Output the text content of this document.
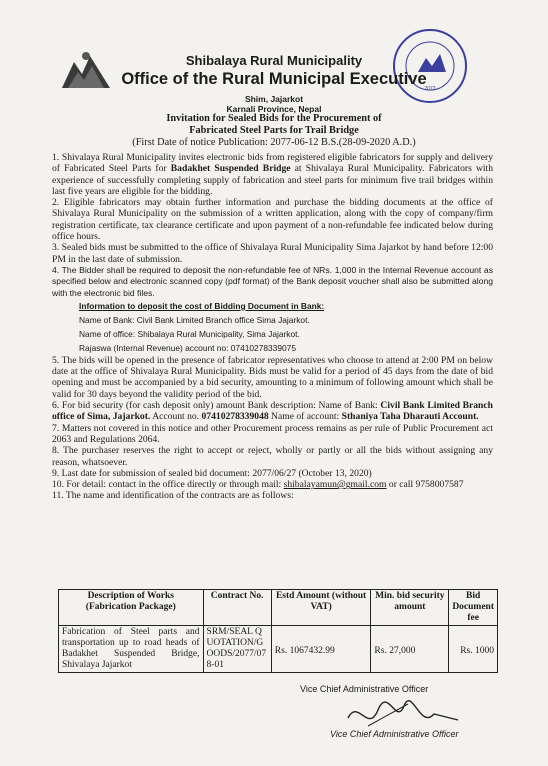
2073
Shibalaya Rural Municipality
Office of the Rural Municipal Executive
Shim, Jajarkot
Karnali Province, Nepal
Invitation for Sealed Bids for the Procurement of
Fabricated Steel Parts for Trail Bridge
(First Date of notice Publication: 2077-06-12 B.S.(28-09-2020 A.D.)

1. Shivalaya Rural Municipality invites electronic bids from registered eligible fabricators for supply and delivery of Fabricated Steel Parts for Badakhet Suspended Bridge at Shivalaya Rural Municipality. Fabricators with experience of successfully completing supply of fabrication and steel parts for minimum five trail bridges within last five years are eligible for the bidding.

2. Eligible fabricators may obtain further information and purchase the bidding documents at the office of Shivalaya Rural Municipality on the submission of a written application, along with the copy of company/firm registration certificate, tax clearance certificate and upon payment of a non-refundable fee indicated below during office hours.

3. Sealed bids must be submitted to the office of Shivalaya Rural Municipality Sima Jajarkot by hand before 12:00 PM in the last date of submission.

4. The Bidder shall be required to deposit the non-refundable fee of NRs. 1,000 in the Internal Revenue account as specified below and electronic scanned copy (pdf format) of the Bank deposit voucher shall also be submitted along with the electronic bid files.

Information to deposit the cost of Bidding Document in Bank:
Name of Bank: Civil Bank Limited Branch office Sima Jajarkot.
Name of office: Shibalaya Rural Municipality, Sima Jajarkot.
Rajaswa (Internal Revenue) account no: 07410278339075

5. The bids will be opened in the presence of fabricator representatives who choose to attend at 2:00 PM on below date at the office of Shivalaya Rural Municipality. Bids must be valid for a period of 45 days from the date of bid opening and must be accompanied by a bid security, amounting to a minimum of following amount which shall be valid for 30 days beyond the validity period of the bid.

6. For bid security (for cash deposit only) amount Bank description: Name of Bank: Civil Bank Limited Branch office of Sima, Jajarkot. Account no. 07410278339048 Name of account: Sthaniya Taha Dharauti Account.

7. Matters not covered in this notice and other Procurement process remains as per rule of Public Procurement act 2063 and Regulations 2064.

8. The purchaser reserves the right to accept or reject, wholly or partly or all the bids without assigning any reason, whatsoever.

9. Last date for submission of sealed bid document: 2077/06/27 (October 13, 2020)

10. For detail: contact in the office directly or through mail: shibalayamun@gmail.com or call 9758007587

11. The name and identification of the contracts are as follows:

Description of Works (Fabrication Package)	Contract No.	Estd Amount (without VAT)	Min. bid security amount	Bid Document fee
Fabrication of Steel parts and transportation up to road heads of Badakhet Suspended Bridge, Shivalaya Jajarkot	SRM/SEAL QUOTATION/GOODS/2077/078-01	Rs. 1067432.99	Rs. 27,000	Rs. 1000
Vice Chief Administrative Officer
Vice Chief Administrative Officer
